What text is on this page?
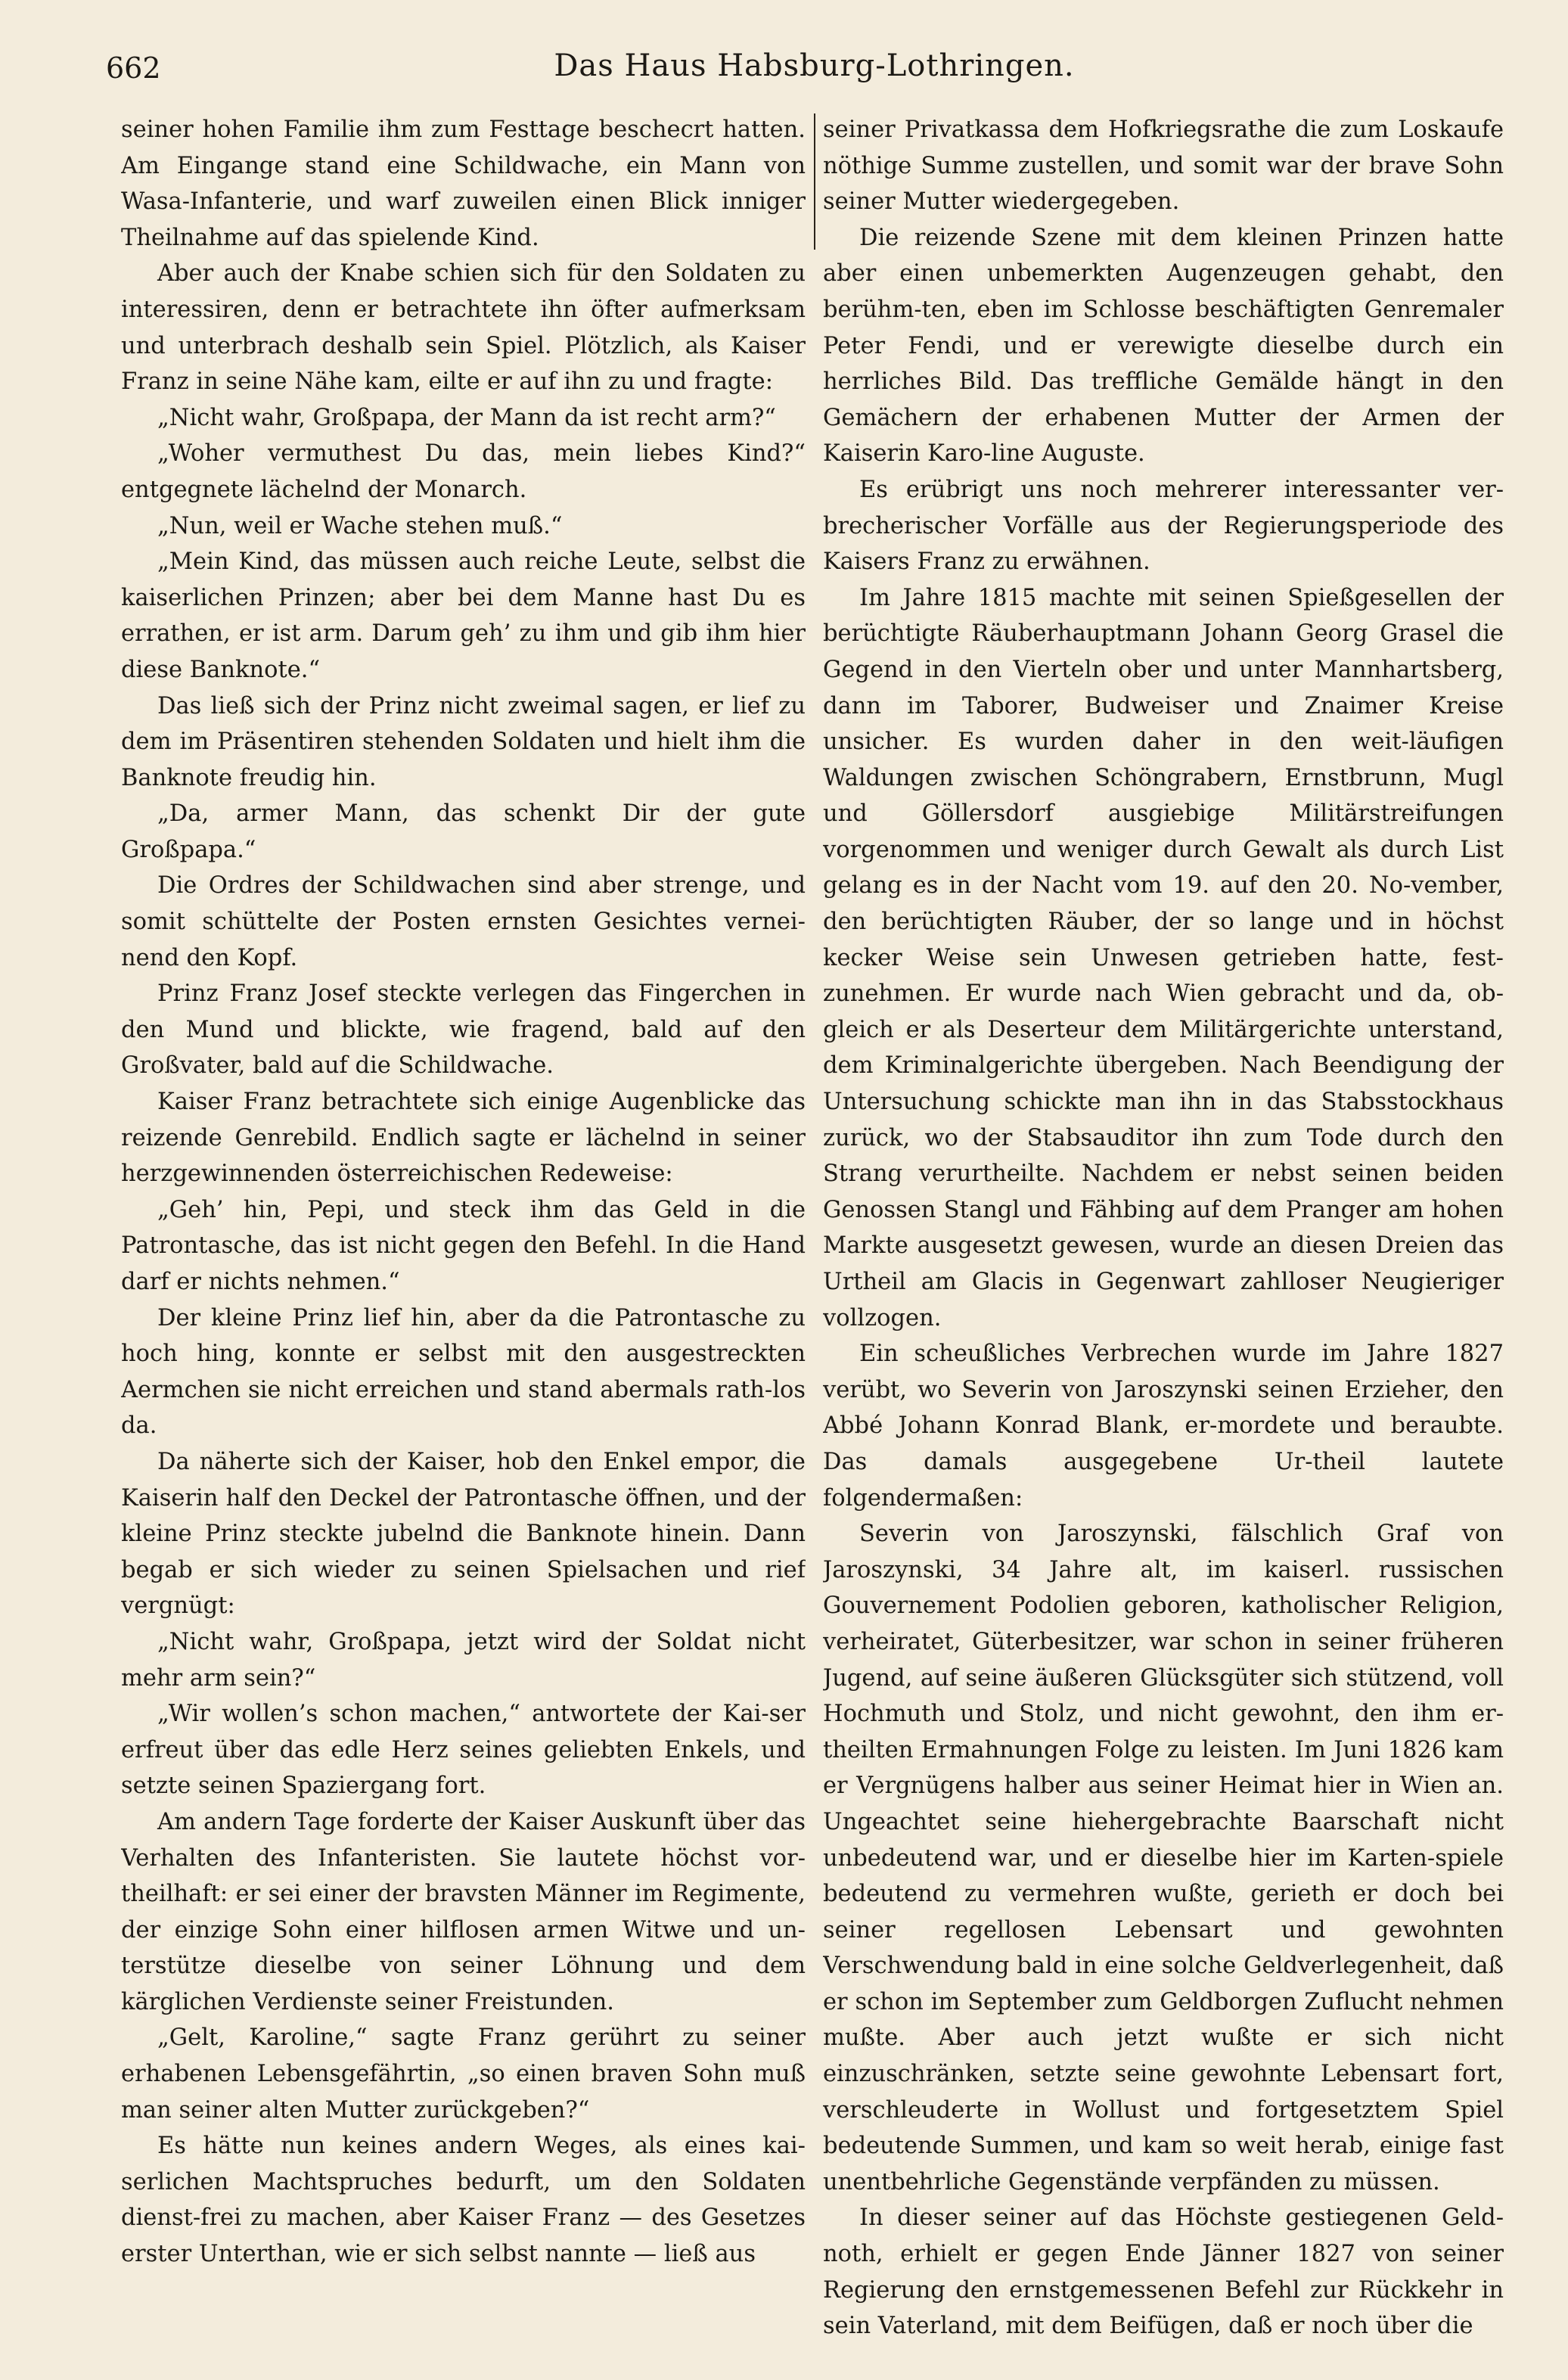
662	Das Haus Habsburg-Lothringen.

seiner hohen Familie ihm zum Festtage beschecrt hatten. Am Eingange stand eine Schildwache, ein Mann von Wasa-Infanterie, und warf zuweilen einen Blick inniger Theilnahme auf das spielende Kind.

Aber auch der Knabe schien sich für den Soldaten zu interessiren, denn er betrachtete ihn öfter aufmerksam und unterbrach deshalb sein Spiel. Plötzlich, als Kaiser Franz in seine Nähe kam, eilte er auf ihn zu und fragte:

„Nicht wahr, Großpapa, der Mann da ist recht arm?“

„Woher vermuthest Du das, mein liebes Kind?“ entgegnete lächelnd der Monarch.

„Nun, weil er Wache stehen muß.“

„Mein Kind, das müssen auch reiche Leute, selbst die kaiserlichen Prinzen; aber bei dem Manne hast Du es errathen, er ist arm. Darum geh’ zu ihm und gib ihm hier diese Banknote.“

Das ließ sich der Prinz nicht zweimal sagen, er lief zu dem im Präsentiren stehenden Soldaten und hielt ihm die Banknote freudig hin.

„Da, armer Mann, das schenkt Dir der gute Großpapa.“

Die Ordres der Schildwachen sind aber strenge, und somit schüttelte der Posten ernsten Gesichtes vernei-nend den Kopf.

Prinz Franz Josef steckte verlegen das Fingerchen in den Mund und blickte, wie fragend, bald auf den Großvater, bald auf die Schildwache.

Kaiser Franz betrachtete sich einige Augenblicke das reizende Genrebild. Endlich sagte er lächelnd in seiner herzgewinnenden österreichischen Redeweise:

„Geh’ hin, Pepi, und steck ihm das Geld in die Patrontasche, das ist nicht gegen den Befehl. In die Hand darf er nichts nehmen.“

Der kleine Prinz lief hin, aber da die Patrontasche zu hoch hing, konnte er selbst mit den ausgestreckten Aermchen sie nicht erreichen und stand abermals rath-los da.

Da näherte sich der Kaiser, hob den Enkel empor, die Kaiserin half den Deckel der Patrontasche öffnen, und der kleine Prinz steckte jubelnd die Banknote hinein. Dann begab er sich wieder zu seinen Spielsachen und rief vergnügt:

„Nicht wahr, Großpapa, jetzt wird der Soldat nicht mehr arm sein?“

„Wir wollen’s schon machen,“ antwortete der Kai-ser erfreut über das edle Herz seines geliebten Enkels, und setzte seinen Spaziergang fort.

Am andern Tage forderte der Kaiser Auskunft über das Verhalten des Infanteristen. Sie lautete höchst vor-theilhaft: er sei einer der bravsten Männer im Regimente, der einzige Sohn einer hilflosen armen Witwe und un-terstütze dieselbe von seiner Löhnung und dem kärglichen Verdienste seiner Freistunden.

„Gelt, Karoline,“ sagte Franz gerührt zu seiner erhabenen Lebensgefährtin, „so einen braven Sohn muß man seiner alten Mutter zurückgeben?“

Es hätte nun keines andern Weges, als eines kai-serlichen Machtspruches bedurft, um den Soldaten dienst-frei zu machen, aber Kaiser Franz — des Gesetzes erster Unterthan, wie er sich selbst nannte — ließ aus

seiner Privatkassa dem Hofkriegsrathe die zum Loskaufe nöthige Summe zustellen, und somit war der brave Sohn seiner Mutter wiedergegeben.

Die reizende Szene mit dem kleinen Prinzen hatte aber einen unbemerkten Augenzeugen gehabt, den berühm-ten, eben im Schlosse beschäftigten Genremaler Peter Fendi, und er verewigte dieselbe durch ein herrliches Bild. Das treffliche Gemälde hängt in den Gemächern der erhabenen Mutter der Armen der Kaiserin Karo-line Auguste.

Es erübrigt uns noch mehrerer interessanter ver-brecherischer Vorfälle aus der Regierungsperiode des Kaisers Franz zu erwähnen.

Im Jahre 1815 machte mit seinen Spießgesellen der berüchtigte Räuberhauptmann Johann Georg Grasel die Gegend in den Vierteln ober und unter Mannhartsberg, dann im Taborer, Budweiser und Znaimer Kreise unsicher. Es wurden daher in den weit-läufigen Waldungen zwischen Schöngrabern, Ernstbrunn, Mugl und Göllersdorf ausgiebige Militärstreifungen vorgenommen und weniger durch Gewalt als durch List gelang es in der Nacht vom 19. auf den 20. No-vember, den berüchtigten Räuber, der so lange und in höchst kecker Weise sein Unwesen getrieben hatte, fest-zunehmen. Er wurde nach Wien gebracht und da, ob-gleich er als Deserteur dem Militärgerichte unterstand, dem Kriminalgerichte übergeben. Nach Beendigung der Untersuchung schickte man ihn in das Stabsstockhaus zurück, wo der Stabsauditor ihn zum Tode durch den Strang verurtheilte. Nachdem er nebst seinen beiden Genossen Stangl und Fähbing auf dem Pranger am hohen Markte ausgesetzt gewesen, wurde an diesen Dreien das Urtheil am Glacis in Gegenwart zahlloser Neugieriger vollzogen.

Ein scheußliches Verbrechen wurde im Jahre 1827 verübt, wo Severin von Jaroszynski seinen Erzieher, den Abbé Johann Konrad Blank, er-mordete und beraubte. Das damals ausgegebene Ur-theil lautete folgendermaßen:

Severin von Jaroszynski, fälschlich Graf von Jaroszynski, 34 Jahre alt, im kaiserl. russischen Gouvernement Podolien geboren, katholischer Religion, verheiratet, Güterbesitzer, war schon in seiner früheren Jugend, auf seine äußeren Glücksgüter sich stützend, voll Hochmuth und Stolz, und nicht gewohnt, den ihm er-theilten Ermahnungen Folge zu leisten. Im Juni 1826 kam er Vergnügens halber aus seiner Heimat hier in Wien an. Ungeachtet seine hiehergebrachte Baarschaft nicht unbedeutend war, und er dieselbe hier im Karten-spiele bedeutend zu vermehren wußte, gerieth er doch bei seiner regellosen Lebensart und gewohnten Verschwendung bald in eine solche Geldverlegenheit, daß er schon im September zum Geldborgen Zuflucht nehmen mußte. Aber auch jetzt wußte er sich nicht einzuschränken, setzte seine gewohnte Lebensart fort, verschleuderte in Wollust und fortgesetztem Spiel bedeutende Summen, und kam so weit herab, einige fast unentbehrliche Gegenstände verpfänden zu müssen.

In dieser seiner auf das Höchste gestiegenen Geld-noth, erhielt er gegen Ende Jänner 1827 von seiner Regierung den ernstgemessenen Befehl zur Rückkehr in sein Vaterland, mit dem Beifügen, daß er noch über die
